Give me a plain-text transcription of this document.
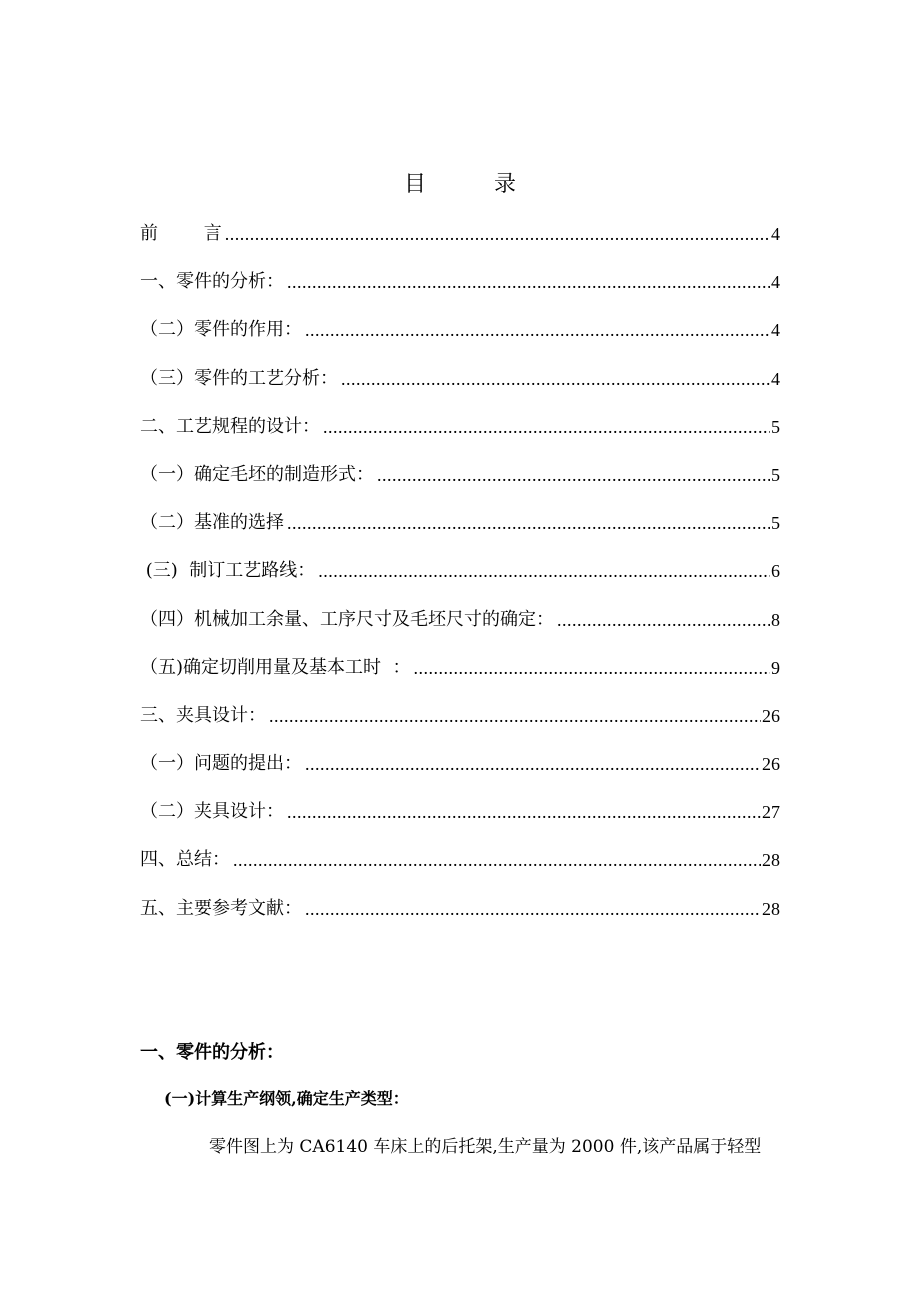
目	录
前        言 .....	4
一、零件的分析： .....	4
（二）零件的作用： .....	4
（三）零件的工艺分析： .....	4
二、工艺规程的设计： .....	5
（一）确定毛坯的制造形式： .....	5
（二）基准的选择 .....	5
(三)  制订工艺路线： .....	6
（四）机械加工余量、工序尺寸及毛坯尺寸的确定： .....	8
（五)确定切削用量及基本工时  ： .....	9
三、夹具设计： .....	26
（一）问题的提出： .....	26
（二）夹具设计： .....	27
四、总结： .....	28
五、主要参考文献： .....	28
一、零件的分析：
(一)计算生产纲领,确定生产类型：
零件图上为 CA6140 车床上的后托架,生产量为 2000 件,该产品属于轻型
